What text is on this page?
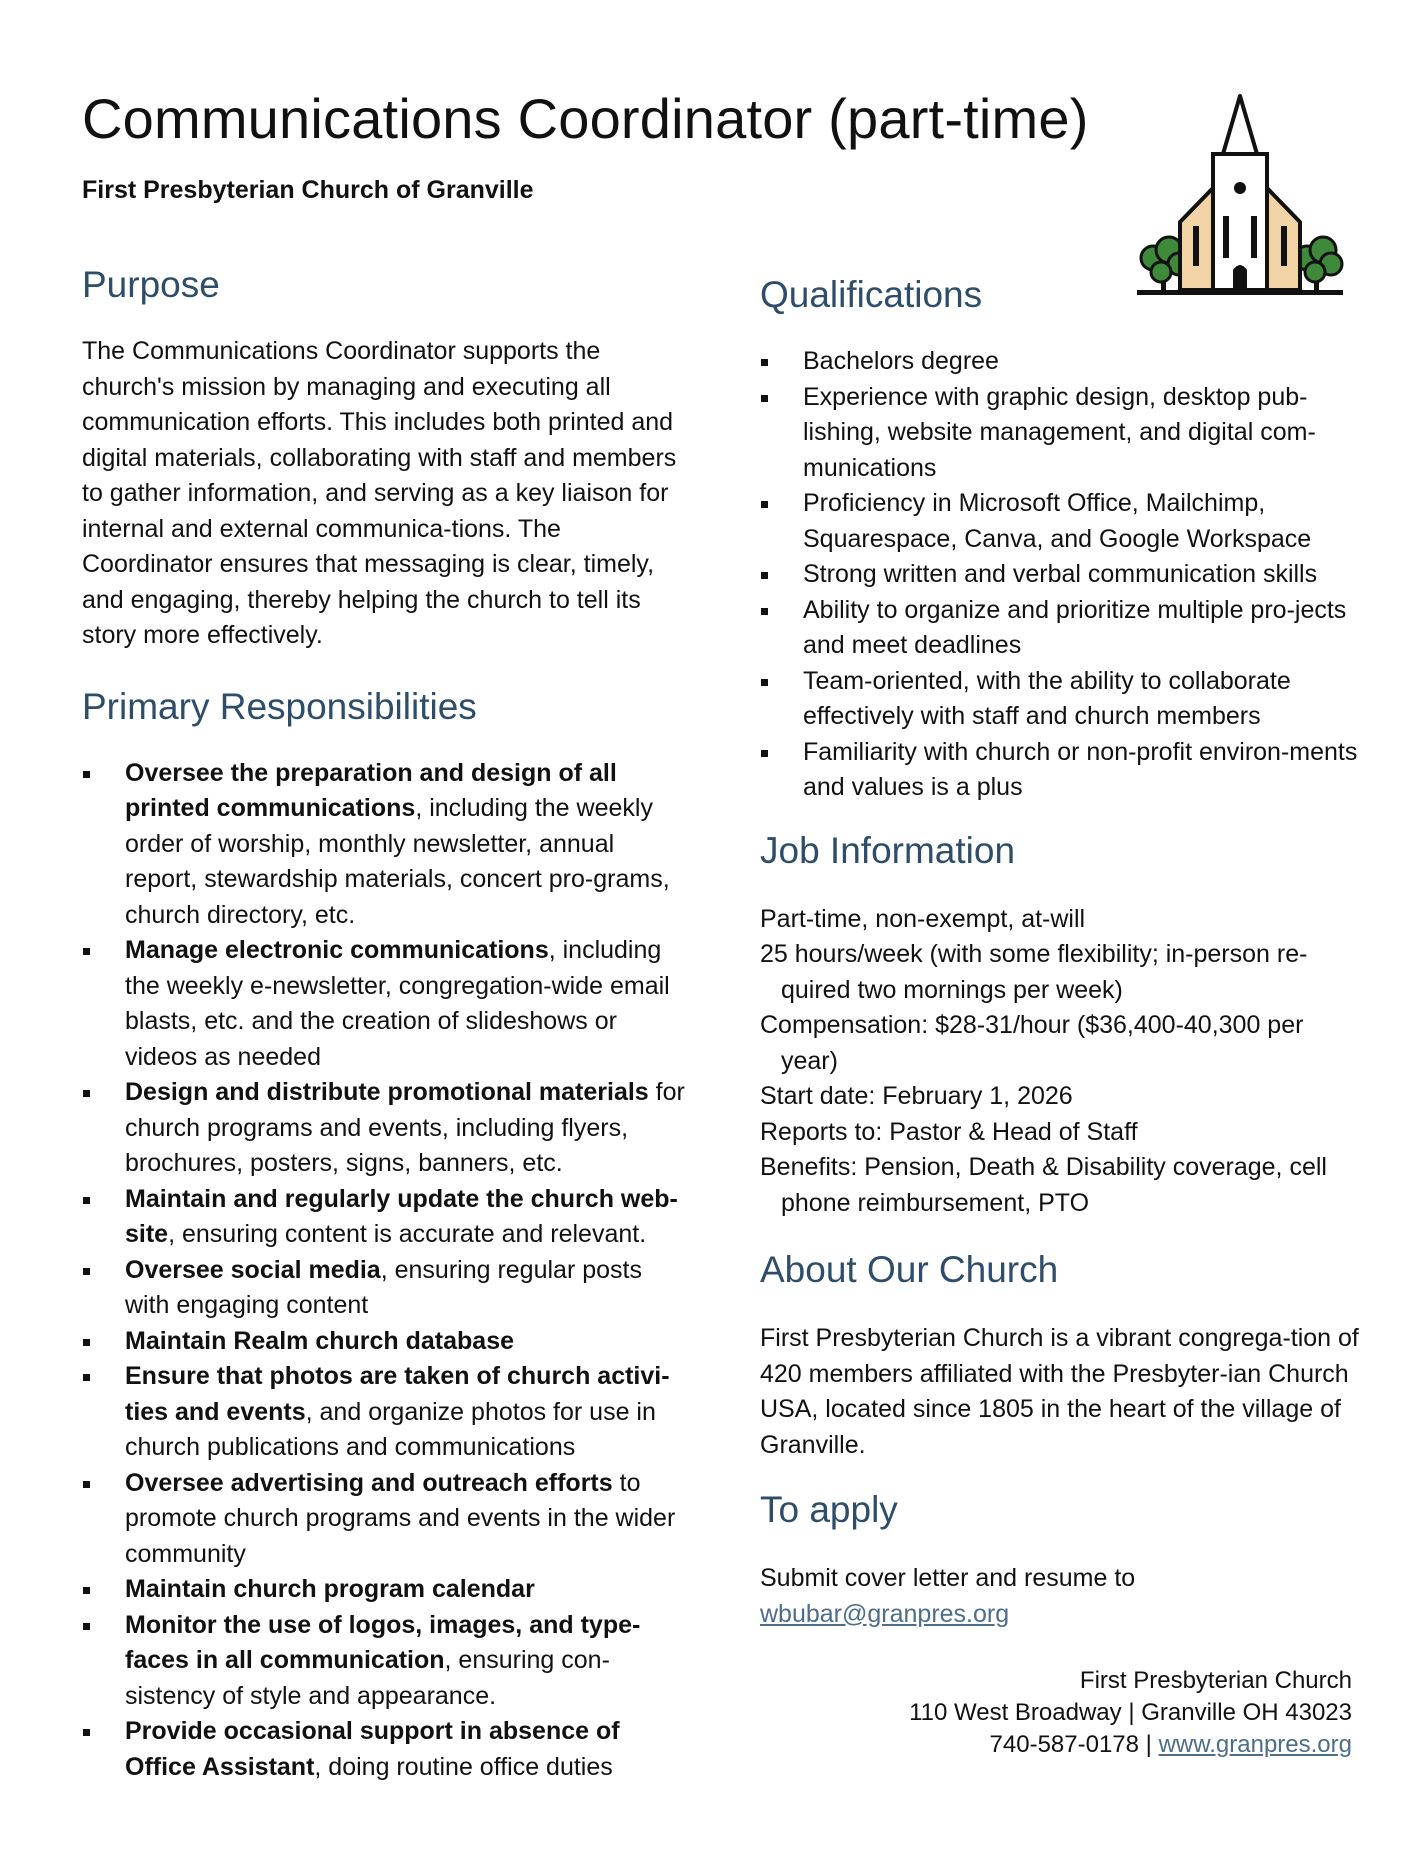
Communications Coordinator (part-time)
First Presbyterian Church of Granville
Purpose

The Communications Coordinator supports the church's mission by managing and executing all communication efforts. This includes both printed and digital materials, collaborating with staff and members to gather information, and serving as a key liaison for internal and external communica-tions. The Coordinator ensures that messaging is clear, timely, and engaging, thereby helping the church to tell its story more effectively.

Primary Responsibilities
Oversee the preparation and design of all printed communications, including the weekly order of worship, monthly newsletter, annual report, stewardship materials, concert pro-grams, church directory, etc.
Manage electronic communications, including the weekly e-newsletter, congregation-wide email blasts, etc. and the creation of slideshows or videos as needed
Design and distribute promotional materials for church programs and events, including flyers, brochures, posters, signs, banners, etc.
Maintain and regularly update the church web-site, ensuring content is accurate and relevant.
Oversee social media, ensuring regular posts with engaging content
Maintain Realm church database
Ensure that photos are taken of church activi-ties and events, and organize photos for use in church publications and communications
Oversee advertising and outreach efforts to promote church programs and events in the wider community
Maintain church program calendar
Monitor the use of logos, images, and type-faces in all communication, ensuring con-sistency of style and appearance.
Provide occasional support in absence of Office Assistant, doing routine office duties
Qualifications
Bachelors degree
Experience with graphic design, desktop pub-lishing, website management, and digital com-munications
Proficiency in Microsoft Office, Mailchimp, Squarespace, Canva, and Google Workspace
Strong written and verbal communication skills
Ability to organize and prioritize multiple pro-jects and meet deadlines
Team-oriented, with the ability to collaborate effectively with staff and church members
Familiarity with church or non-profit environ-ments and values is a plus
Job Information
Part-time, non-exempt, at-will
25 hours/week (with some flexibility; in-person re-quired two mornings per week)
Compensation: $28-31/hour ($36,400-40,300 per year)
Start date: February 1, 2026
Reports to: Pastor & Head of Staff
Benefits: Pension, Death & Disability coverage, cell phone reimbursement, PTO
About Our Church

First Presbyterian Church is a vibrant congrega-tion of 420 members affiliated with the Presbyter-ian Church USA, located since 1805 in the heart of the village of Granville.

To apply

Submit cover letter and resume to
wbubar@granpres.org

First Presbyterian Church
110 West Broadway | Granville OH 43023
740-587-0178 | www.granpres.org
